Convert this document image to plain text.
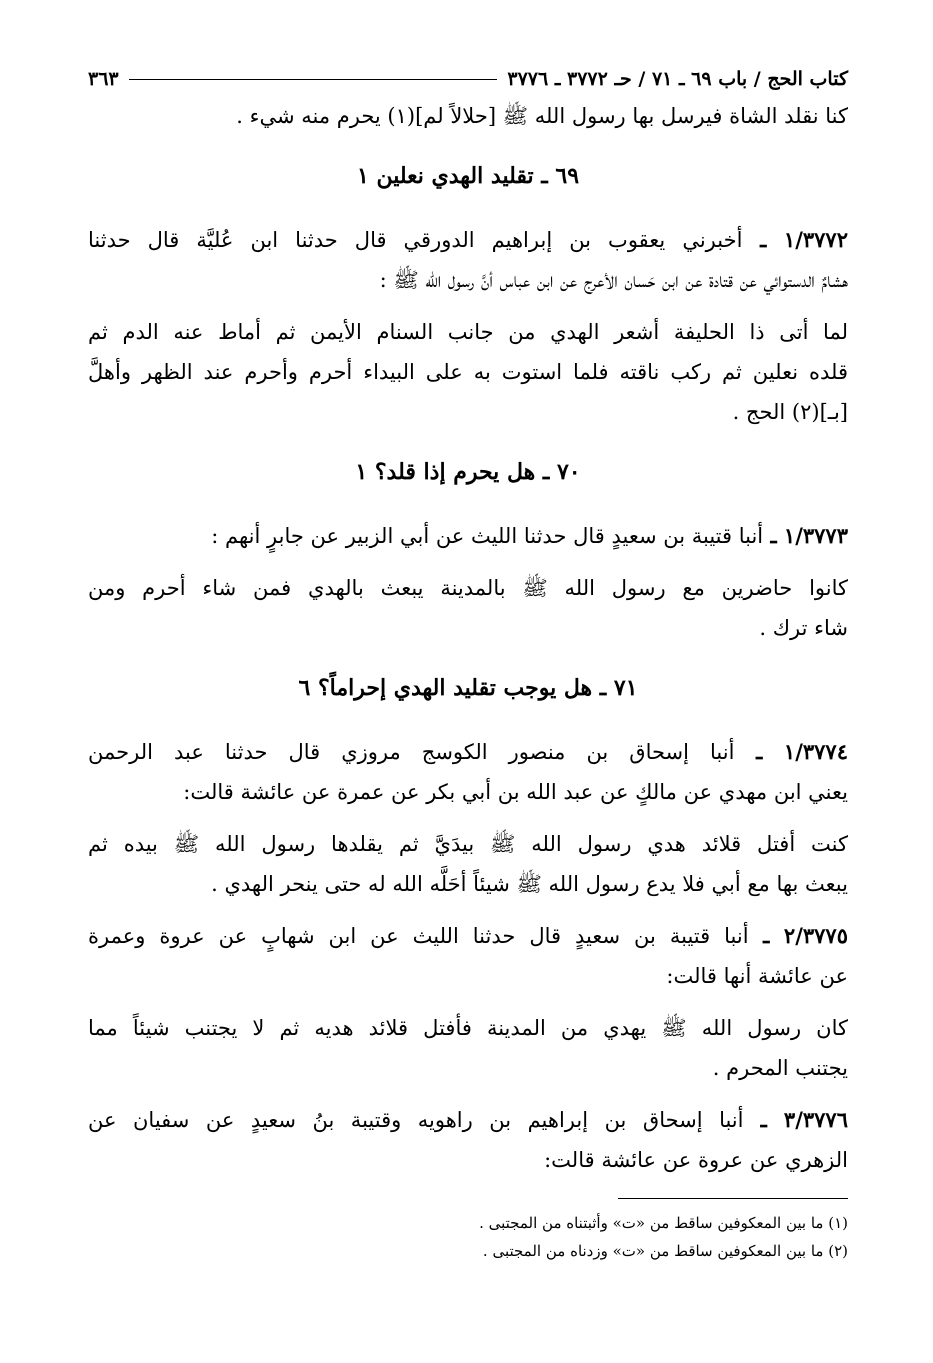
كتاب الحج / باب ٦٩ ـ ٧١ / حـ ٣٧٧٢ ـ ٣٧٧٦
٣٦٣
كنا نقلد الشاة فيرسل بها رسول الله ﷺ [حلالاً لم](١) يحرم منه شيء .
٦٩ ـ تقليد الهدي نعلين ١
١/٣٧٧٢ ـ أخبرني يعقوب بن إبراهيم الدورقي قال حدثنا ابن عُليَّة قال حدثنا
هشامٌ الدستوائي عن قتادة عن ابن حَسان الأعرج عن ابن عباس أنَّ رسول الله ﷺ :
لما أتى ذا الحليفة أشعر الهدي من جانب السنام الأيمن ثم أماط عنه الدم ثم
قلده نعلين ثم ركب ناقته فلما استوت به على البيداء أحرم وأحرم عند الظهر وأهلَّ
[بـ](٢) الحج .
٧٠ ـ هل يحرم إذا قلد؟ ١
١/٣٧٧٣ ـ أنبا قتيبة بن سعيدٍ قال حدثنا الليث عن أبي الزبير عن جابرٍ أنهم :
كانوا حاضرين مع رسول الله ﷺ بالمدينة يبعث بالهدي فمن شاء أحرم ومن
شاء ترك .
٧١ ـ هل يوجب تقليد الهدي إحراماً؟ ٦
١/٣٧٧٤ ـ أنبا إسحاق بن منصور الكوسج مروزي قال حدثنا عبد الرحمن
يعني ابن مهدي عن مالكٍ عن عبد الله بن أبي بكر عن عمرة عن عائشة قالت:
كنت أفتل قلائد هدي رسول الله ﷺ بيدَيَّ ثم يقلدها رسول الله ﷺ بيده ثم
يبعث بها مع أبي فلا يدع رسول الله ﷺ شيئاً أحَلَّه الله له حتى ينحر الهدي .
٢/٣٧٧٥ ـ أنبا قتيبة بن سعيدٍ قال حدثنا الليث عن ابن شهابٍ عن عروة وعمرة
عن عائشة أنها قالت:
كان رسول الله ﷺ يهدي من المدينة فأفتل قلائد هديه ثم لا يجتنب شيئاً مما
يجتنب المحرم .
٣/٣٧٧٦ ـ أنبا إسحاق بن إبراهيم بن راهويه وقتيبة بنُ سعيدٍ عن سفيان عن
الزهري عن عروة عن عائشة قالت:
(١) ما بين المعكوفين ساقط من «ت» وأثبتناه من المجتبى .
(٢) ما بين المعكوفين ساقط من «ت» وزدناه من المجتبى .
